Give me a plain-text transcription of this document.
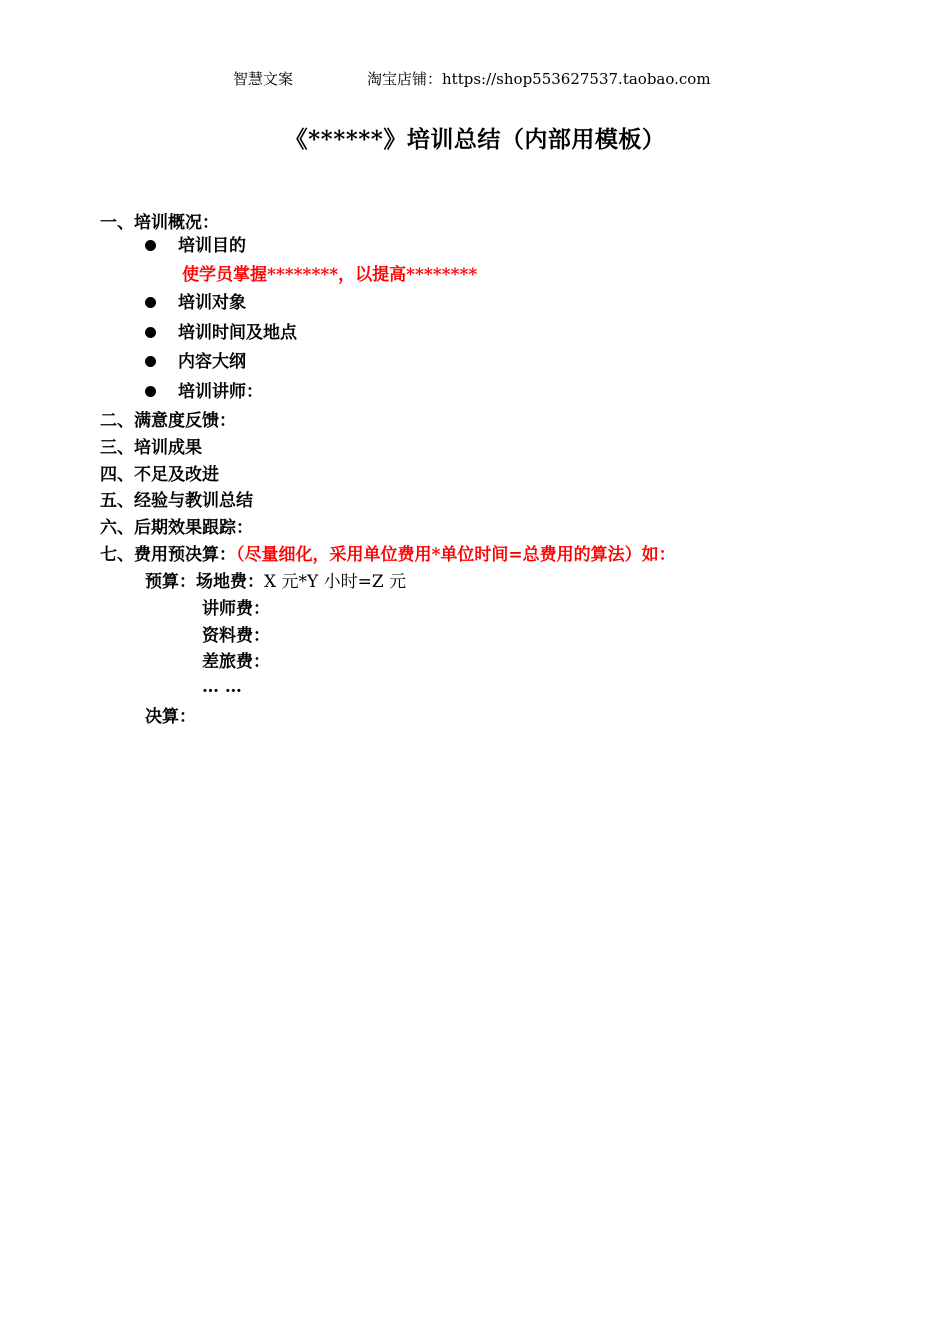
智慧文案	淘宝店铺：https://shop553627537.taobao.com
《******》培训总结（内部用模板）
一、培训概况：
培训目的
使学员掌握********，以提高********
培训对象
培训时间及地点
内容大纲
培训讲师：
二、满意度反馈：
三、培训成果
四、不足及改进
五、经验与教训总结
六、后期效果跟踪：
七、费用预决算：（尽量细化，采用单位费用*单位时间=总费用的算法）如：
预算：场地费：X 元*Y 小时=Z 元
讲师费：
资料费：
差旅费：
… …
决算：
